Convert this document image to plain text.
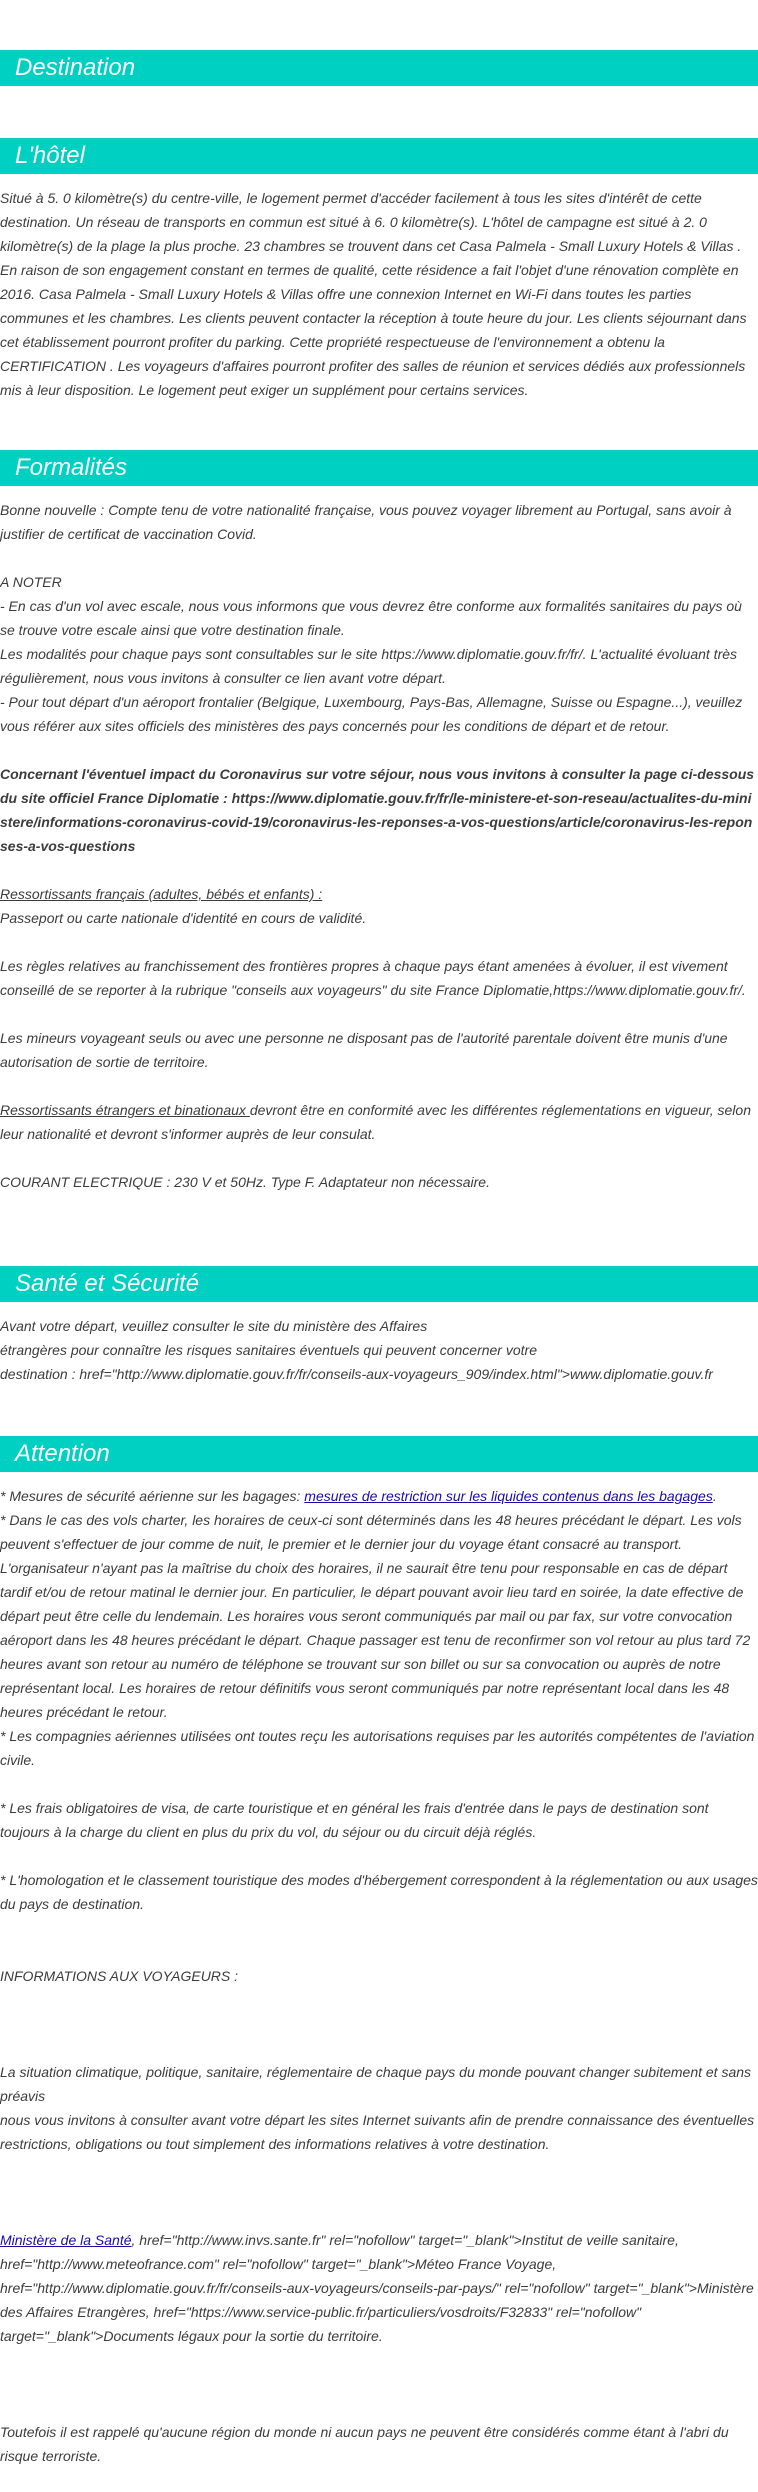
Destination
L'hôtel

Situé à 5. 0 kilomètre(s) du centre-ville, le logement permet d'accéder facilement à tous les sites d'intérêt de cette destination. Un réseau de transports en commun est situé à 6. 0 kilomètre(s). L'hôtel de campagne est situé à 2. 0 kilomètre(s) de la plage la plus proche. 23 chambres se trouvent dans cet Casa Palmela - Small Luxury Hotels & Villas . En raison de son engagement constant en termes de qualité, cette résidence a fait l'objet d'une rénovation complète en 2016. Casa Palmela - Small Luxury Hotels & Villas offre une connexion Internet en Wi-Fi dans toutes les parties communes et les chambres. Les clients peuvent contacter la réception à toute heure du jour. Les clients séjournant dans cet établissement pourront profiter du parking. Cette propriété respectueuse de l'environnement a obtenu la CERTIFICATION . Les voyageurs d'affaires pourront profiter des salles de réunion et services dédiés aux professionnels mis à leur disposition. Le logement peut exiger un supplément pour certains services.

Formalités

Bonne nouvelle : Compte tenu de votre nationalité française, vous pouvez voyager librement au Portugal, sans avoir à justifier de certificat de vaccination Covid.

A NOTER

- En cas d'un vol avec escale, nous vous informons que vous devrez être conforme aux formalités sanitaires du pays où se trouve votre escale ainsi que votre destination finale.

Les modalités pour chaque pays sont consultables sur le site https://www.diplomatie.gouv.fr/fr/. L'actualité évoluant très régulièrement, nous vous invitons à consulter ce lien avant votre départ.

- Pour tout départ d'un aéroport frontalier (Belgique, Luxembourg, Pays-Bas, Allemagne, Suisse ou Espagne...), veuillez vous référer aux sites officiels des ministères des pays concernés pour les conditions de départ et de retour.

Concernant l'éventuel impact du Coronavirus sur votre séjour, nous vous invitons à consulter la page ci-dessous du site officiel France Diplomatie : https://www.diplomatie.gouv.fr/fr/le-ministere-et-son-reseau/actualites-du-ministere/informations-coronavirus-covid-19/coronavirus-les-reponses-a-vos-questions/article/coronavirus-les-reponses-a-vos-questions

Ressortissants français (adultes, bébés et enfants) :

Passeport ou carte nationale d'identité en cours de validité.

Les règles relatives au franchissement des frontières propres à chaque pays étant amenées à évoluer, il est vivement conseillé de se reporter à la rubrique "conseils aux voyageurs" du site France Diplomatie,https://www.diplomatie.gouv.fr/.

Les mineurs voyageant seuls ou avec une personne ne disposant pas de l'autorité parentale doivent être munis d'une autorisation de sortie de territoire.

Ressortissants étrangers et binationaux devront être en conformité avec les différentes réglementations en vigueur, selon leur nationalité et devront s'informer auprès de leur consulat.

COURANT ELECTRIQUE : 230 V et 50Hz. Type F. Adaptateur non nécessaire.

Santé et Sécurité

Avant votre départ, veuillez consulter le site du ministère des Affaires

étrangères pour connaître les risques sanitaires éventuels qui peuvent concerner votre

destination : href="http://www.diplomatie.gouv.fr/fr/conseils-aux-voyageurs_909/index.html">www.diplomatie.gouv.fr

Attention

* Mesures de sécurité aérienne sur les bagages: mesures de restriction sur les liquides contenus dans les bagages.

* Dans le cas des vols charter, les horaires de ceux-ci sont déterminés dans les 48 heures précédant le départ. Les vols peuvent s'effectuer de jour comme de nuit, le premier et le dernier jour du voyage étant consacré au transport. L'organisateur n'ayant pas la maîtrise du choix des horaires, il ne saurait être tenu pour responsable en cas de départ tardif et/ou de retour matinal le dernier jour. En particulier, le départ pouvant avoir lieu tard en soirée, la date effective de départ peut être celle du lendemain. Les horaires vous seront communiqués par mail ou par fax, sur votre convocation aéroport dans les 48 heures précédant le départ. Chaque passager est tenu de reconfirmer son vol retour au plus tard 72 heures avant son retour au numéro de téléphone se trouvant sur son billet ou sur sa convocation ou auprès de notre représentant local. Les horaires de retour définitifs vous seront communiqués par notre représentant local dans les 48 heures précédant le retour.

* Les compagnies aériennes utilisées ont toutes reçu les autorisations requises par les autorités compétentes de l'aviation civile.

* Les frais obligatoires de visa, de carte touristique et en général les frais d'entrée dans le pays de destination sont toujours à la charge du client en plus du prix du vol, du séjour ou du circuit déjà réglés.

* L'homologation et le classement touristique des modes d'hébergement correspondent à la réglementation ou aux usages du pays de destination.

INFORMATIONS AUX VOYAGEURS :

La situation climatique, politique, sanitaire, réglementaire de chaque pays du monde pouvant changer subitement et sans préavis

nous vous invitons à consulter avant votre départ les sites Internet suivants afin de prendre connaissance des éventuelles restrictions, obligations ou tout simplement des informations relatives à votre destination.

Ministère de la Santé, href="http://www.invs.sante.fr" rel="nofollow" target="_blank">Institut de veille sanitaire, href="http://www.meteofrance.com" rel="nofollow" target="_blank">Méteo France Voyage, href="http://www.diplomatie.gouv.fr/fr/conseils-aux-voyageurs/conseils-par-pays/" rel="nofollow" target="_blank">Ministère des Affaires Etrangères, href="https://www.service-public.fr/particuliers/vosdroits/F32833" rel="nofollow" target="_blank">Documents légaux pour la sortie du territoire.

Toutefois il est rappelé qu'aucune région du monde ni aucun pays ne peuvent être considérés comme étant à l'abri du risque terroriste.
